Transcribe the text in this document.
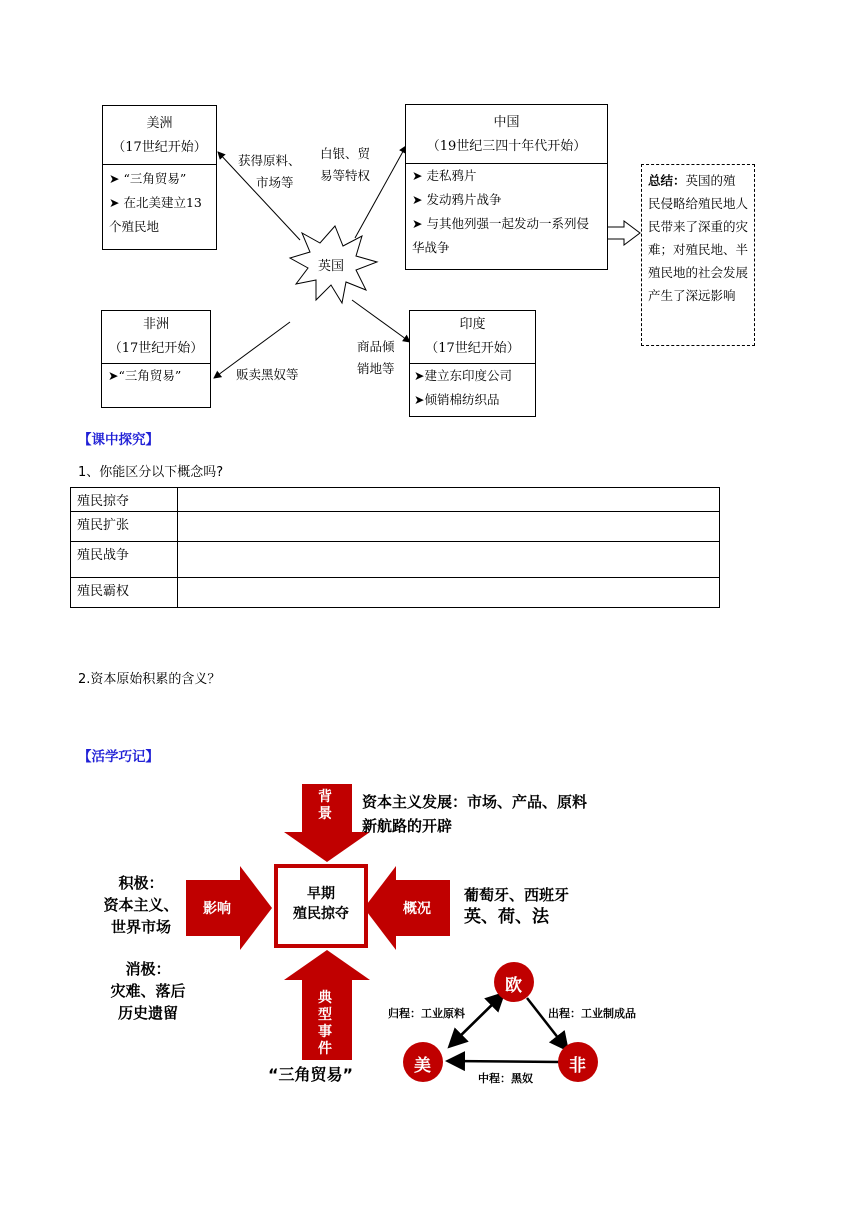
英国
美洲
（17世纪开始）
➤ “三角贸易”
➤ 在北美建立13个殖民地
中国
（19世纪三四十年代开始）
➤ 走私鸦片
➤ 发动鸦片战争
➤ 与其他列强一起发动一系列侵华战争
非洲
（17世纪开始）
➤“三角贸易”
印度
（17世纪开始）
➤建立东印度公司
➤倾销棉纺织品
获得原料、
市场等
白银、贸
易等特权
贩卖黑奴等
商品倾
销地等
总结：英国的殖民侵略给殖民地人民带来了深重的灾难；对殖民地、半殖民地的社会发展产生了深远影响
【课中探究】
1、你能区分以下概念吗?
殖民掠夺	
殖民扩张	
殖民战争	
殖民霸权	
2.资本原始积累的含义？
【活学巧记】
背景
影响	概况
典型事件
早期
殖民掠夺
资本主义发展：市场、产品、原料
新航路的开辟
积极：
资本主义、
世界市场
消极：
灾难、落后
历史遗留
葡萄牙、西班牙
英、荷、法
“三角贸易”
欧
美	非
归程：工业原料	出程：工业制成品
中程：黑奴
